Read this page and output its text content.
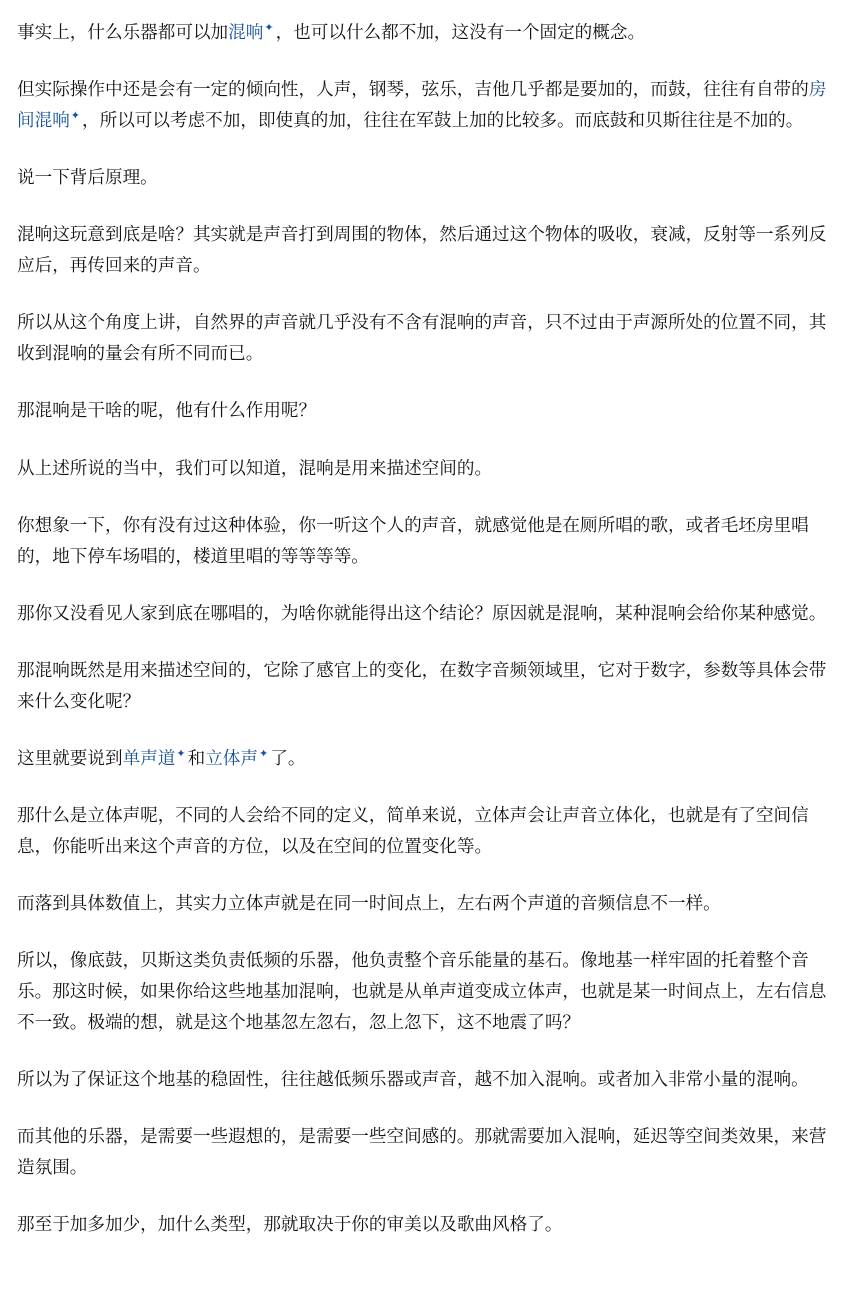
事实上，什么乐器都可以加混响✦ ，也可以什么都不加，这没有一个固定的概念。

但实际操作中还是会有一定的倾向性，人声，钢琴，弦乐，吉他几乎都是要加的，而鼓，往往有自带的房间混响✦ ，所以可以考虑不加，即使真的加，往往在军鼓上加的比较多。而底鼓和贝斯往往是不加的。

说一下背后原理。

混响这玩意到底是啥？其实就是声音打到周围的物体，然后通过这个物体的吸收，衰减，反射等一系列反应后，再传回来的声音。

所以从这个角度上讲，自然界的声音就几乎没有不含有混响的声音，只不过由于声源所处的位置不同，其收到混响的量会有所不同而已。

那混响是干啥的呢，他有什么作用呢？

从上述所说的当中，我们可以知道，混响是用来描述空间的。

你想象一下，你有没有过这种体验，你一听这个人的声音，就感觉他是在厕所唱的歌，或者毛坯房里唱的，地下停车场唱的，楼道里唱的等等等等。

那你又没看见人家到底在哪唱的，为啥你就能得出这个结论？原因就是混响，某种混响会给你某种感觉。

那混响既然是用来描述空间的，它除了感官上的变化，在数字音频领域里，它对于数字，参数等具体会带来什么变化呢？

这里就要说到单声道✦ 和立体声✦ 了。

那什么是立体声呢，不同的人会给不同的定义，简单来说，立体声会让声音立体化，也就是有了空间信息，你能听出来这个声音的方位，以及在空间的位置变化等。

而落到具体数值上，其实力立体声就是在同一时间点上，左右两个声道的音频信息不一样。

所以，像底鼓，贝斯这类负责低频的乐器，他负责整个音乐能量的基石。像地基一样牢固的托着整个音乐。那这时候，如果你给这些地基加混响，也就是从单声道变成立体声，也就是某一时间点上，左右信息不一致。极端的想，就是这个地基忽左忽右，忽上忽下，这不地震了吗？

所以为了保证这个地基的稳固性，往往越低频乐器或声音，越不加入混响。或者加入非常小量的混响。

而其他的乐器，是需要一些遐想的，是需要一些空间感的。那就需要加入混响，延迟等空间类效果，来营造氛围。

那至于加多加少，加什么类型，那就取决于你的审美以及歌曲风格了。
